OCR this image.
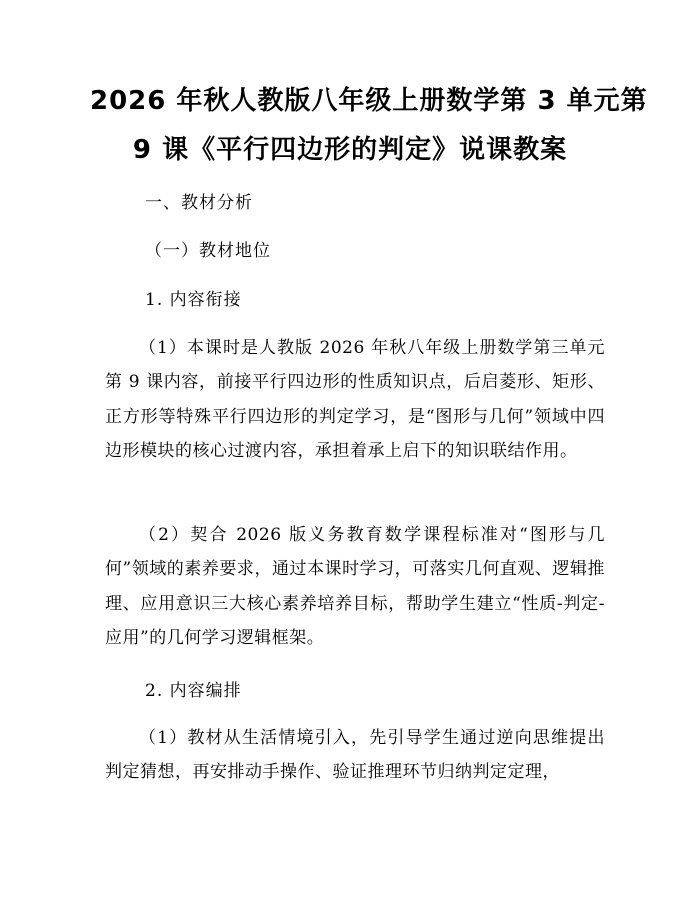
2026 年秋人教版八年级上册数学第 3 单元第
9 课《平行四边形的判定》说课教案
一、教材分析
（一）教材地位
1. 内容衔接

（1）本课时是人教版 2026 年秋八年级上册数学第三单元第 9 课内容，前接平行四边形的性质知识点，后启菱形、矩形、正方形等特殊平行四边形的判定学习，是“图形与几何”领域中四边形模块的核心过渡内容，承担着承上启下的知识联结作用。

（2）契合 2026 版义务教育数学课程标准对“图形与几何”领域的素养要求，通过本课时学习，可落实几何直观、逻辑推理、应用意识三大核心素养培养目标，帮助学生建立“性质-判定-应用”的几何学习逻辑框架。

2. 内容编排

（1）教材从生活情境引入，先引导学生通过逆向思维提出判定猜想，再安排动手操作、验证推理环节归纳判定定理，
